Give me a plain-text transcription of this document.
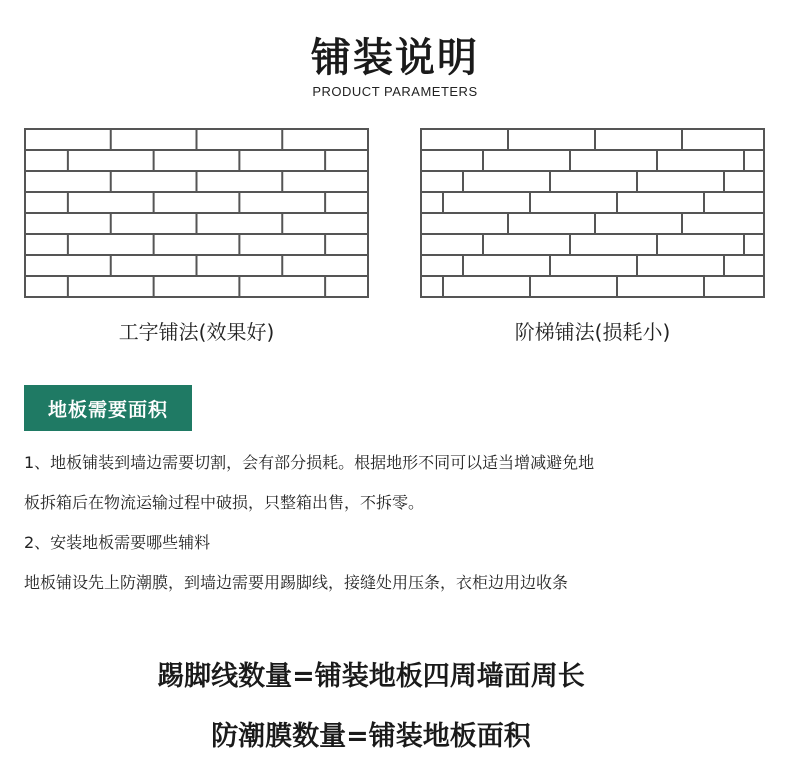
铺装说明
PRODUCT PARAMETERS
工字铺法(效果好)	阶梯铺法(损耗小)
地板需要面积
1、地板铺装到墙边需要切割，会有部分损耗。根据地形不同可以适当增减避免地
板拆箱后在物流运输过程中破损，只整箱出售，不拆零。
2、安装地板需要哪些辅料
地板铺设先上防潮膜，到墙边需要用踢脚线，接缝处用压条，衣柜边用边收条
踢脚线数量=铺装地板四周墙面周长
防潮膜数量=铺装地板面积
